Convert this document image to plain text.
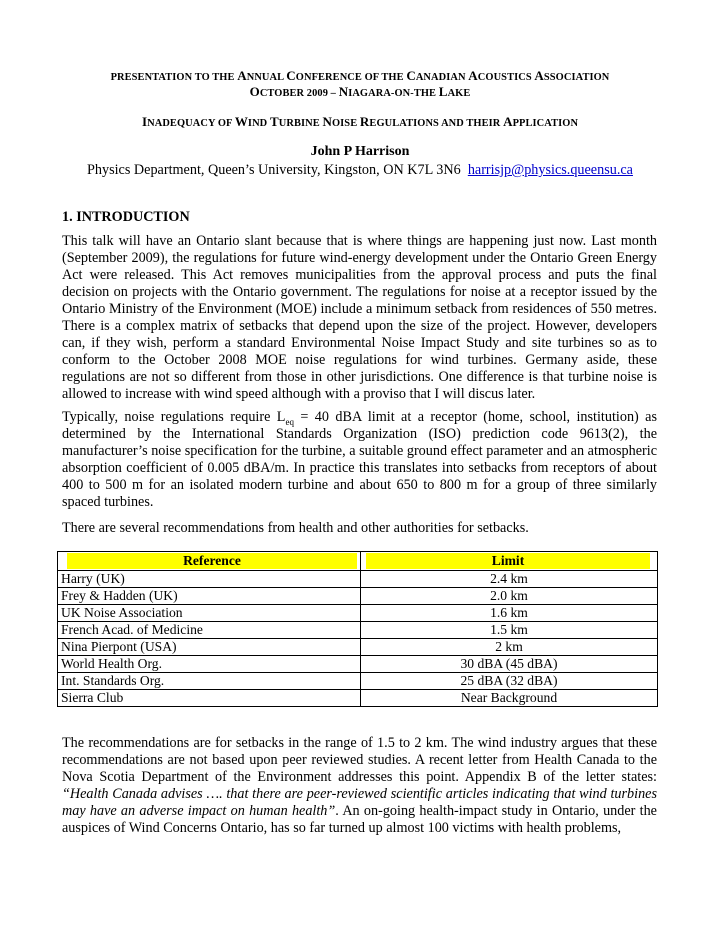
PRESENTATION TO THE ANNUAL CONFERENCE OF THE CANADIAN ACOUSTICS ASSOCIATION
OCTOBER 2009 – NIAGARA-ON-THE LAKE
INADEQUACY OF WIND TURBINE NOISE REGULATIONS AND THEIR APPLICATION
John P Harrison
Physics Department, Queen’s University, Kingston, ON K7L 3N6 harrisjp@physics.queensu.ca
1. INTRODUCTION

This talk will have an Ontario slant because that is where things are happening just now. Last month (September 2009), the regulations for future wind-energy development under the Ontario Green Energy Act were released. This Act removes municipalities from the approval process and puts the final decision on projects with the Ontario government. The regulations for noise at a receptor issued by the Ontario Ministry of the Environment (MOE) include a minimum setback from residences of 550 metres. There is a complex matrix of setbacks that depend upon the size of the project. However, developers can, if they wish, perform a standard Environmental Noise Impact Study and site turbines so as to conform to the October 2008 MOE noise regulations for wind turbines. Germany aside, these regulations are not so different from those in other jurisdictions. One difference is that turbine noise is allowed to increase with wind speed although with a proviso that I will discus later.

Typically, noise regulations require $L_{eq} = 40$ dBA limit at a receptor (home, school, institution) as determined by the International Standards Organization (ISO) prediction code 9613(2), the manufacturer’s noise specification for the turbine, a suitable ground effect parameter and an atmospheric absorption coefficient of 0.005 dBA/m. In practice this translates into setbacks from receptors of about 400 to 500 m for an isolated modern turbine and about 650 to 800 m for a group of three similarly spaced turbines.

There are several recommendations from health and other authorities for setbacks.

Reference	Limit

Harry (UK)	2.4 km
Frey & Hadden (UK)	2.0 km
UK Noise Association	1.6 km
French Acad. of Medicine	1.5 km
Nina Pierpont (USA)	2 km
World Health Org.	30 dBA (45 dBA)
Int. Standards Org.	25 dBA (32 dBA)
Sierra Club	Near Background

The recommendations are for setbacks in the range of 1.5 to 2 km. The wind industry argues that these recommendations are not based upon peer reviewed studies. A recent letter from Health Canada to the Nova Scotia Department of the Environment addresses this point. Appendix B of the letter states: “Health Canada advises …. that there are peer-reviewed scientific articles indicating that wind turbines may have an adverse impact on human health”. An on-going health-impact study in Ontario, under the auspices of Wind Concerns Ontario, has so far turned up almost 100 victims with health problems,
